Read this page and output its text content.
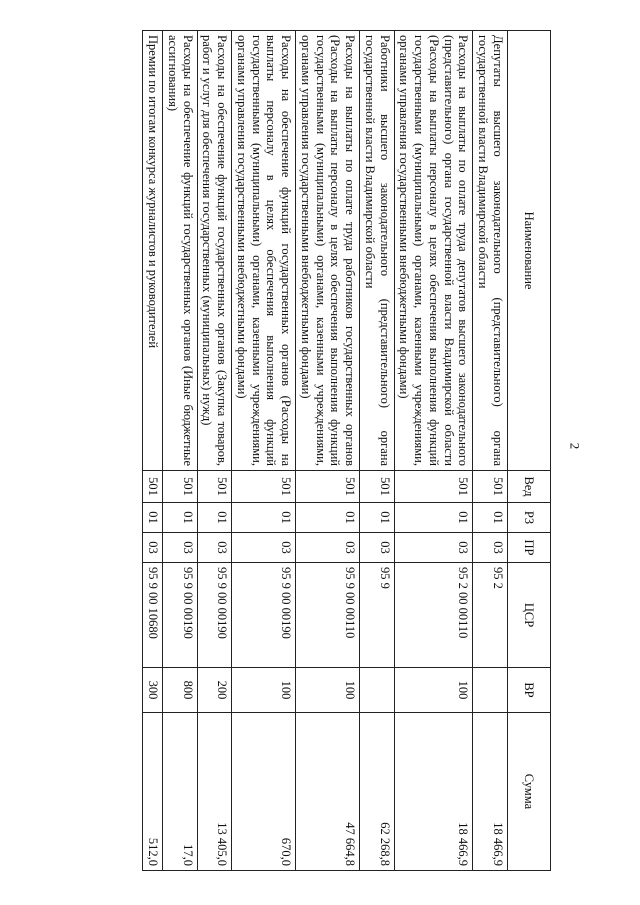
2
Наименование	Вед	РЗ	ПР	ЦСР	ВР	Сумма
Депутаты высшего законодательного (представительного) органа государственной власти Владимирской области	501	01	03	95 2		18 466,9
Расходы на выплаты по оплате труда депутатов высшего законодательного (представительного) органа государственной власти Владимирской области (Расходы на выплаты персоналу в целях обеспечения выполнения функций государственными (муниципальными) органами, казенными учреждениями, органами управления государственными внебюджетными фондами)	501	01	03	95 2 00 00110	100	18 466,9
Работники высшего законодательного (представительного) органа государственной власти Владимирской области	501	01	03	95 9		62 268,8
Расходы на выплаты по оплате труда работников государственных органов (Расходы на выплаты персоналу в целях обеспечения выполнения функций государственными (муниципальными) органами, казенными учреждениями, органами управления государственными внебюджетными фондами)	501	01	03	95 9 00 00110	100	47 664,8
Расходы на обеспечение функций государственных органов (Расходы на выплаты персоналу в целях обеспечения выполнения функций государственными (муниципальными) органами, казенными учреждениями, органами управления государственными внебюджетными фондами)	501	01	03	95 9 00 00190	100	670,0
Расходы на обеспечение функций государственных органов (Закупка товаров, работ и услуг для обеспечения государственных (муниципальных) нужд)	501	01	03	95 9 00 00190	200	13 405,0
Расходы на обеспечение функций государственных органов (Иные бюджетные ассигнования)	501	01	03	95 9 00 00190	800	17,0
Премии по итогам конкурса журналистов и руководителей	501	01	03	95 9 00 10680	300	512,0
